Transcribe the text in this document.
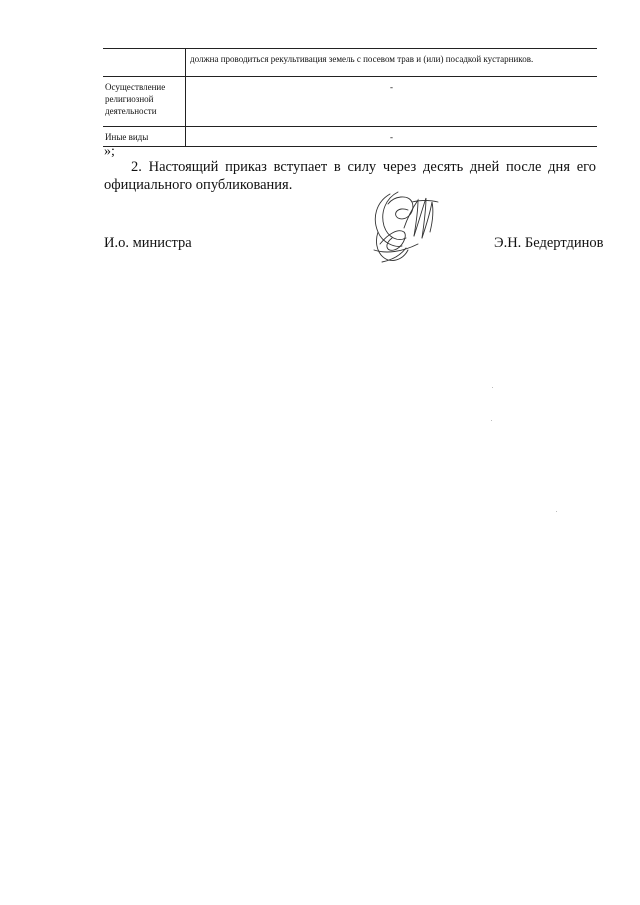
	должна проводиться рекультивация земель с посевом трав и (или) посадкой кустарников.
Осуществление религиозной деятельности	-
Иные виды	-
»;

2. Настоящий приказ вступает в силу через десять дней после дня его официального опубликования.

И.о. министра	Э.Н. Бедертдинов
